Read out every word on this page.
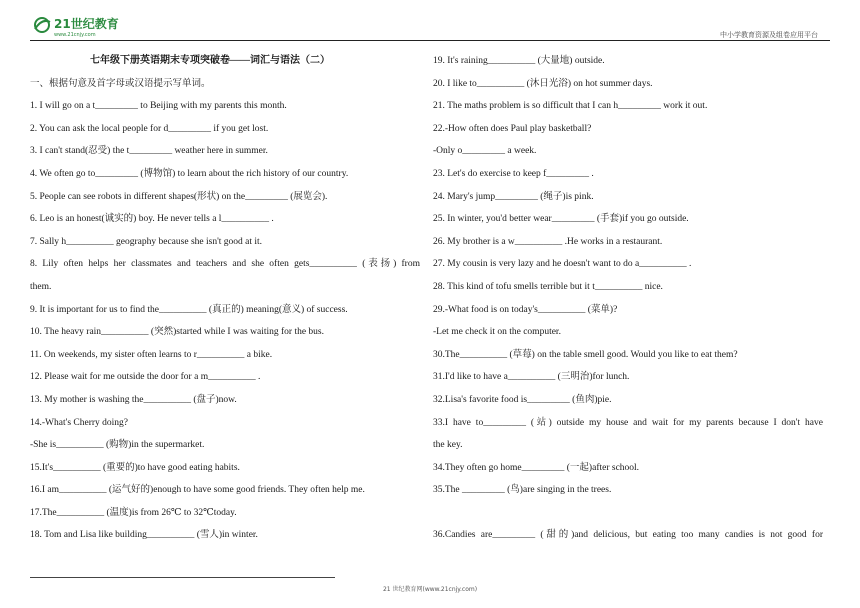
21世纪教育
www.21cnjy.com	中小学教育资源及组卷应用平台
七年级下册英语期末专项突破卷——词汇与语法（二）
一、根据句意及首字母或汉语提示写单词。
1. I will go on a t_________ to Beijing with my parents this month.
2. You can ask the local people for d_________ if you get lost.
3. I can't stand(忍受) the t_________ weather here in summer.
4. We often go to_________ (博物馆) to learn about the rich history of our country.
5. People can see robots in different shapes(形状) on the_________ (展览会).
6. Leo is an honest(诚实的) boy. He never tells a l__________ .
7. Sally h__________ geography because she isn't good at it.
8. Lily often helps her classmates and teachers and she often gets__________ (表扬) from
them.
9. It is important for us to find the__________ (真正的) meaning(意义) of success.
10. The heavy rain__________ (突然)started while I was waiting for the bus.
11. On weekends, my sister often learns to r__________ a bike.
12. Please wait for me outside the door for a m__________ .
13. My mother is washing the__________ (盘子)now.
14.-What's Cherry doing?
-She is__________ (购物)in the supermarket.
15.It's__________ (重要的)to have good eating habits.
16.I am__________ (运气好的)enough to have some good friends. They often help me.
17.The__________ (温度)is from 26℃ to 32℃today.
18. Tom and Lisa like building__________ (雪人)in winter.
19. It's raining__________ (大量地) outside.
20. I like to__________ (沐日光浴) on hot summer days.
21. The maths problem is so difficult that I can h_________ work it out.
22.-How often does Paul play basketball?
-Only o_________ a week.
23. Let's do exercise to keep f_________ .
24. Mary's jump_________ (绳子)is pink.
25. In winter, you'd better wear_________ (手套)if you go outside.
26. My brother is a w__________ .He works in a restaurant.
27. My cousin is very lazy and he doesn't want to do a__________ .
28. This kind of tofu smells terrible but it t__________ nice.
29.-What food is on today's__________ (菜单)?
-Let me check it on the computer.
30.The__________ (草莓) on the table smell good. Would you like to eat them?
31.I'd like to have a__________ (三明治)for lunch.
32.Lisa's favorite food is_________ (鱼肉)pie.
33.I have to_________ (站) outside my house and wait for my parents because I don't have
the key.
34.They often go home_________ (一起)after school.
35.The _________ (鸟)are singing in the trees.
36.Candies are_________ (甜的)and delicious, but eating too many candies is not good for
21 世纪教育网(www.21cnjy.com)
